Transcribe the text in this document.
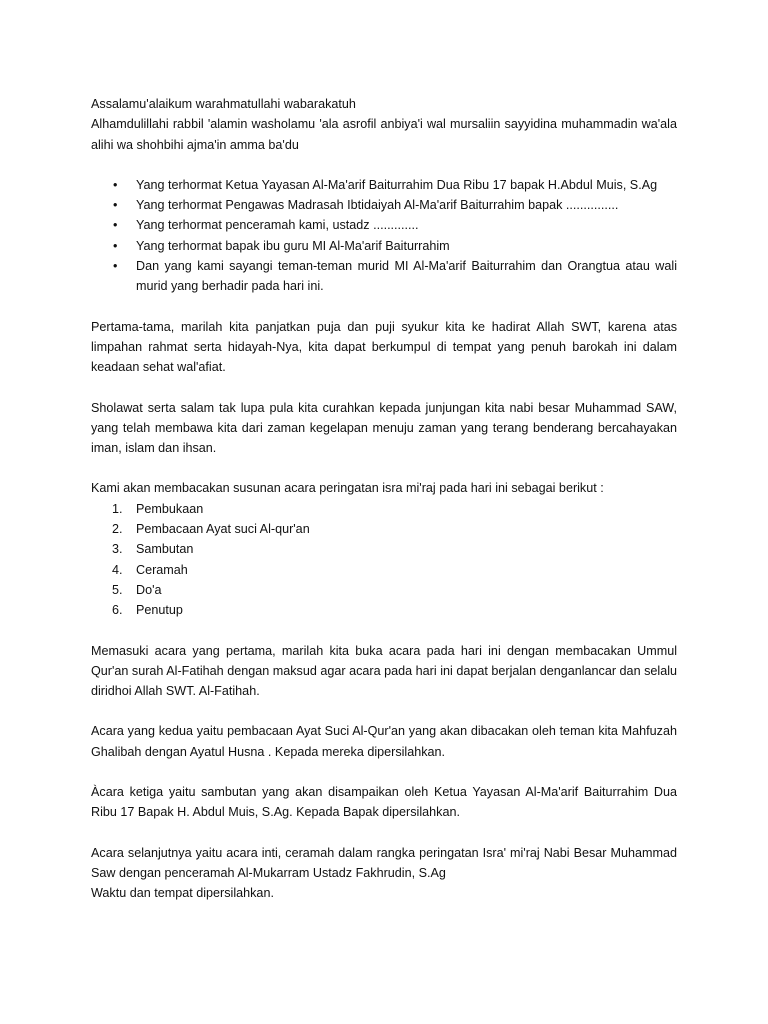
Assalamu'alaikum warahmatullahi wabarakatuh

Alhamdulillahi rabbil 'alamin washolamu 'ala asrofil anbiya'i wal mursaliin sayyidina muhammadin wa'ala alihi wa shohbihi ajma'in amma ba'du

• Yang terhormat Ketua Yayasan Al-Ma'arif Baiturrahim Dua Ribu 17 bapak H.Abdul Muis, S.Ag
• Yang terhormat Pengawas Madrasah Ibtidaiyah Al-Ma'arif Baiturrahim bapak ...............
• Yang terhormat penceramah kami, ustadz .............
• Yang terhormat bapak ibu guru MI Al-Ma'arif Baiturrahim
• Dan yang kami sayangi teman-teman murid MI Al-Ma'arif Baiturrahim dan Orangtua atau wali murid yang berhadir pada hari ini.

Pertama-tama, marilah kita panjatkan puja dan puji syukur kita ke hadirat Allah SWT, karena atas limpahan rahmat serta hidayah-Nya, kita dapat berkumpul di tempat yang penuh barokah ini dalam keadaan sehat wal'afiat.

Sholawat serta salam tak lupa pula kita curahkan kepada junjungan kita nabi besar Muhammad SAW, yang telah membawa kita dari zaman kegelapan menuju zaman yang terang benderang bercahayakan iman, islam dan ihsan.

Kami akan membacakan susunan acara peringatan isra mi'raj pada hari ini sebagai berikut :

1. Pembukaan
2. Pembacaan Ayat suci Al-qur'an
3. Sambutan
4. Ceramah
5. Do'a
6. Penutup

Memasuki acara yang pertama, marilah kita buka acara pada hari ini dengan membacakan Ummul Qur'an surah Al-Fatihah dengan maksud agar acara pada hari ini dapat berjalan denganlancar dan selalu diridhoi Allah SWT. Al-Fatihah.

Acara yang kedua yaitu pembacaan Ayat Suci Al-Qur'an yang akan dibacakan oleh teman kita Mahfuzah Ghalibah dengan Ayatul Husna . Kepada mereka dipersilahkan.

Àcara ketiga yaitu sambutan yang akan disampaikan oleh Ketua Yayasan Al-Ma'arif Baiturrahim Dua Ribu 17 Bapak H. Abdul Muis, S.Ag. Kepada Bapak dipersilahkan.

Acara selanjutnya yaitu acara inti, ceramah dalam rangka peringatan Isra' mi'raj Nabi Besar Muhammad Saw dengan penceramah Al-Mukarram Ustadz Fakhrudin, S.Ag

Waktu dan tempat dipersilahkan.
